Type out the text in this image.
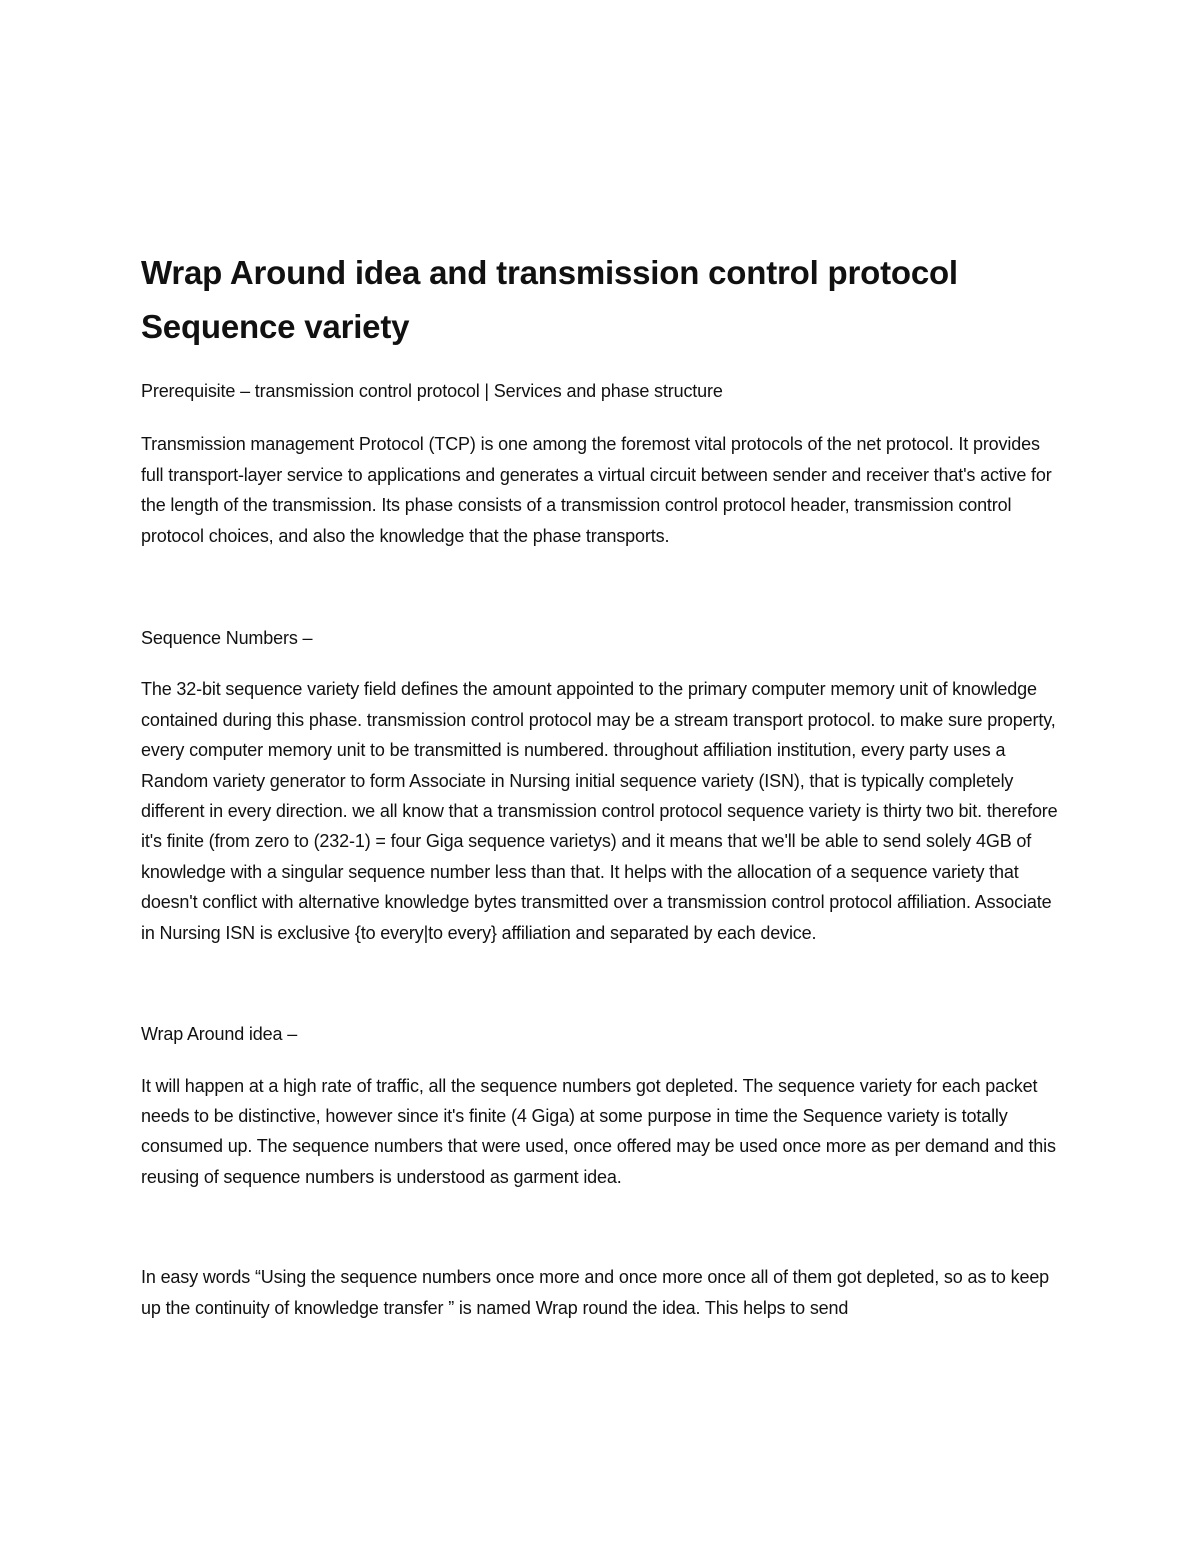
Wrap Around idea and transmission control protocol Sequence variety

Prerequisite – transmission control protocol | Services and phase structure

Transmission management Protocol (TCP) is one among the foremost vital protocols of the net protocol. It provides full transport-layer service to applications and generates a virtual circuit between sender and receiver that's active for the length of the transmission. Its phase consists of a transmission control protocol header, transmission control protocol choices, and also the knowledge that the phase transports.

Sequence Numbers –

The 32-bit sequence variety field defines the amount appointed to the primary computer memory unit of knowledge contained during this phase. transmission control protocol may be a stream transport protocol. to make sure property, every computer memory unit to be transmitted is numbered. throughout affiliation institution, every party uses a Random variety generator to form Associate in Nursing initial sequence variety (ISN), that is typically completely different in every direction. we all know that a transmission control protocol sequence variety is thirty two bit. therefore it's finite (from zero to (232-1) = four Giga sequence varietys) and it means that we'll be able to send solely 4GB of knowledge with a singular sequence number less than that. It helps with the allocation of a sequence variety that doesn't conflict with alternative knowledge bytes transmitted over a transmission control protocol affiliation. Associate in Nursing ISN is exclusive {to every|to every} affiliation and separated by each device.

Wrap Around idea –

It will happen at a high rate of traffic, all the sequence numbers got depleted. The sequence variety for each packet needs to be distinctive, however since it's finite (4 Giga) at some purpose in time the Sequence variety is totally consumed up. The sequence numbers that were used, once offered may be used once more as per demand and this reusing of sequence numbers is understood as garment idea.

In easy words “Using the sequence numbers once more and once more once all of them got depleted, so as to keep up the continuity of knowledge transfer ” is named Wrap round the idea. This helps to send
